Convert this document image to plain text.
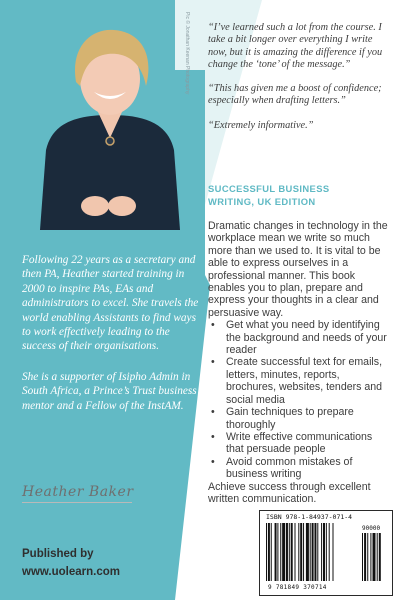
Pic © Jonathan Keenan Photography “I’ve learned such a lot from the course. I take a bit longer over everything I write now, but it is amazing the difference if you change the ‘tone’ of the message.”

“This has given me a boost of confidence; especially when drafting letters.”

“Extremely informative.”

SUCCESSFUL BUSINESS
WRITING, UK EDITION

Dramatic changes in technology in the workplace mean we write so much more than we used to. It is vital to be able to express ourselves in a professional manner. This book enables you to plan, prepare and express your thoughts in a clear and persuasive way.

• Get what you need by identifying the background and needs of your reader
• Create successful text for emails, letters, minutes, reports, brochures, websites, tenders and social media
• Gain techniques to prepare thoroughly
• Write effective communications that persuade people
• Avoid common mistakes of business writing

Achieve success through excellent written communication.

Following 22 years as a secretary and then PA, Heather started training in 2000 to inspire PAs, EAs and administrators to excel. She travels the world enabling Assistants to find ways to work effectively leading to the success of their organisations.

She is a supporter of Isipho Admin in South Africa, a Prince’s Trust business mentor and a Fellow of the InstAM.

Heather Baker
Published by
www.uolearn.com
ISBN 978-1-84937-071-4
90000
9 781849 370714
